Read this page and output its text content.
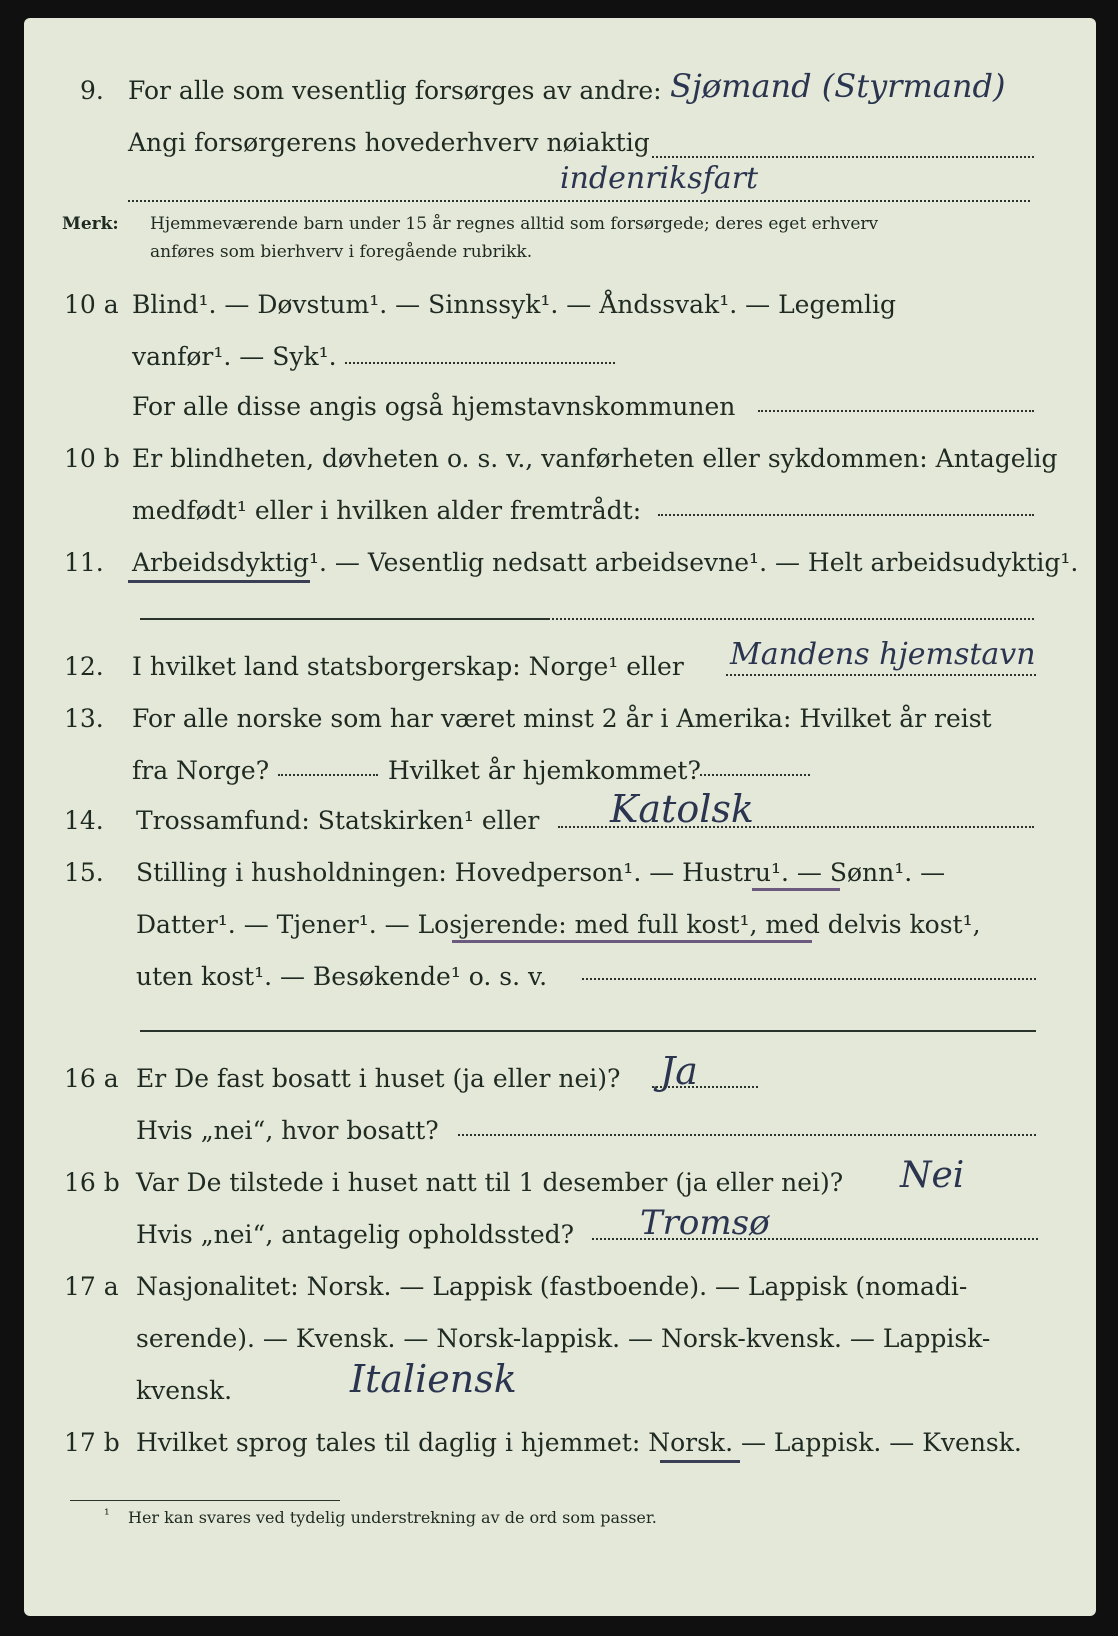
9. For alle som vesentlig forsørges av andre: Sjømand (Styrmand)
Angi forsørgerens hovederhverv nøiaktig
indenriksfart
Merk: Hjemmeværende barn under 15 år regnes alltid som forsørgede; deres eget erhverv
anføres som bierhverv i foregående rubrikk.
10 a Blind¹. — Døvstum¹. — Sinnssyk¹. — Åndssvak¹. — Legemlig
vanfør¹. — Syk¹.
For alle disse angis også hjemstavnskommunen
10 b Er blindheten, døvheten o. s. v., vanførheten eller sykdommen: Antagelig
medfødt¹ eller i hvilken alder fremtrådt:
11. Arbeidsdyktig¹. — Vesentlig nedsatt arbeidsevne¹. — Helt arbeidsudyktig¹.
12. I hvilket land statsborgerskap: Norge¹ eller Mandens hjemstavn
13. For alle norske som har været minst 2 år i Amerika: Hvilket år reist
fra Norge?	Hvilket år hjemkommet?
14. Trossamfund: Statskirken¹ eller Katolsk
15. Stilling i husholdningen: Hovedperson¹. — Hustru¹. — Sønn¹. —
Datter¹. — Tjener¹. — Losjerende: med full kost¹, med delvis kost¹,
uten kost¹. — Besøkende¹ o. s. v.
16 a Er De fast bosatt i huset (ja eller nei)? Ja
Hvis „nei“, hvor bosatt?
16 b Var De tilstede i huset natt til 1 desember (ja eller nei)? Nei
Hvis „nei“, antagelig opholdssted? Tromsø
17 a Nasjonalitet: Norsk. — Lappisk (fastboende). — Lappisk (nomadi-
serende). — Kvensk. — Norsk-lappisk. — Norsk-kvensk. — Lappisk-
kvensk.	Italiensk
17 b Hvilket sprog tales til daglig i hjemmet: Norsk. — Lappisk. — Kvensk.
¹ Her kan svares ved tydelig understrekning av de ord som passer.
